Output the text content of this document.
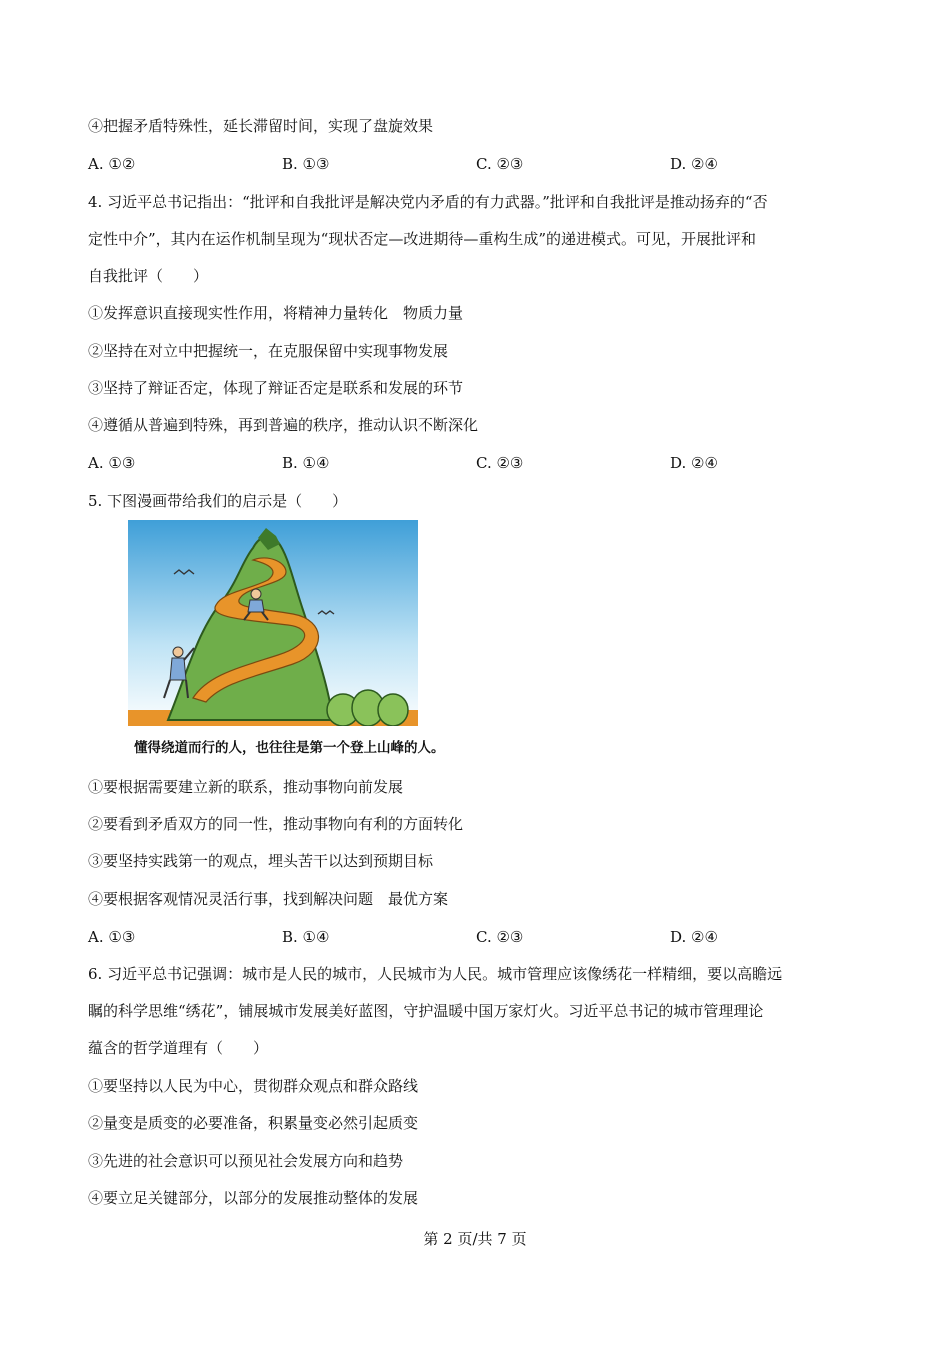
④把握矛盾特殊性，延长滞留时间，实现了盘旋效果
A. ①②	B. ①③	C. ②③	D. ②④
4. 习近平总书记指出：“批评和自我批评是解决党内矛盾的有力武器。”批评和自我批评是推动扬弃的“否
定性中介”，其内在运作机制呈现为“现状否定—改进期待—重构生成”的递进模式。可见，开展批评和
自我批评（　　）
①发挥意识直接现实性作用，将精神力量转化　物质力量
②坚持在对立中把握统一，在克服保留中实现事物发展
③坚持了辩证否定，体现了辩证否定是联系和发展的环节
④遵循从普遍到特殊，再到普遍的秩序，推动认识不断深化
A. ①③	B. ①④	C. ②③	D. ②④
5. 下图漫画带给我们的启示是（　　）
懂得绕道而行的人，也往往是第一个登上山峰的人。
①要根据需要建立新的联系，推动事物向前发展
②要看到矛盾双方的同一性，推动事物向有利的方面转化
③要坚持实践第一的观点，埋头苦干以达到预期目标
④要根据客观情况灵活行事，找到解决问题　最优方案
A. ①③	B. ①④	C. ②③	D. ②④
6. 习近平总书记强调：城市是人民的城市，人民城市为人民。城市管理应该像绣花一样精细，要以高瞻远
瞩的科学思维“绣花”，铺展城市发展美好蓝图，守护温暖中国万家灯火。习近平总书记的城市管理理论
蕴含的哲学道理有（　　）
①要坚持以人民为中心，贯彻群众观点和群众路线
②量变是质变的必要准备，积累量变必然引起质变
③先进的社会意识可以预见社会发展方向和趋势
④要立足关键部分，以部分的发展推动整体的发展
第 2 页/共 7 页
